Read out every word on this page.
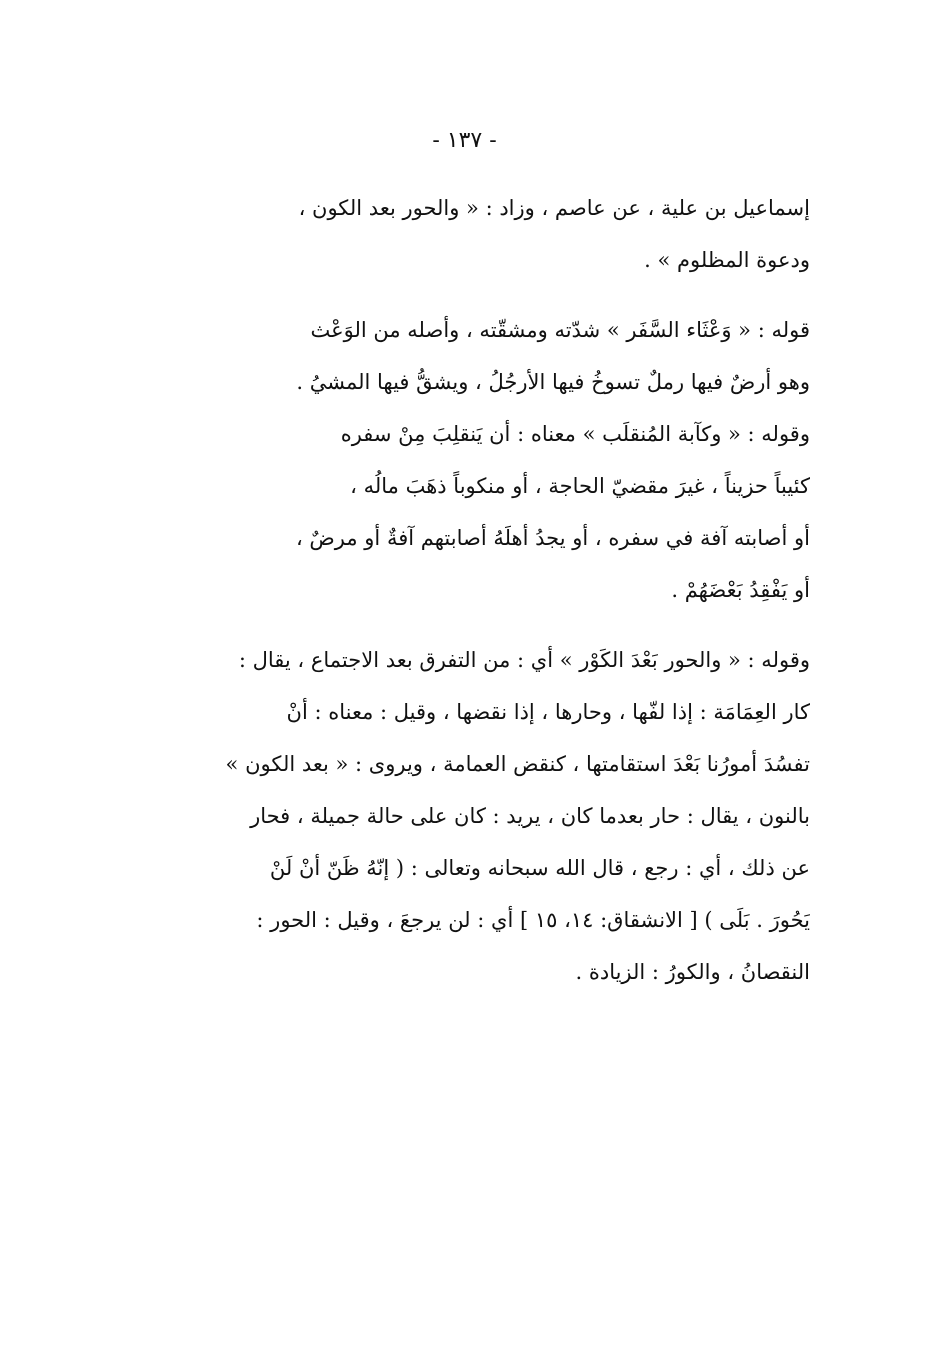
- ١٣٧ -
إسماعيل بن علية ، عن عاصم ، وزاد : « والحور بعد الكون ،
ودعوة المظلوم » .
قوله : « وَعْثَاء السَّفَر » شدّته ومشقّته ، وأصله من الوَعْث
وهو أرضٌ فيها رملٌ تسوخُ فيها الأرجُلُ ، ويشقُّ فيها المشيُ .
وقوله : « وكآبة المُنقلَب » معناه : أن يَنقلِبَ مِنْ سفره
كئيباً حزيناً ، غيرَ مقضيّ الحاجة ، أو منكوباً ذهَبَ مالُه ،
أو أصابته آفة في سفره ، أو يجدُ أهلَهُ أصابتهم آفةٌ أو مرضٌ ،
أو يَفْقِدُ بَعْضَهُمْ .
وقوله : « والحور بَعْدَ الكَوْر » أي : من التفرق بعد الاجتماع ، يقال :
كار العِمَامَة : إذا لفّها ، وحارها ، إذا نقضها ، وقيل : معناه : أنْ
تفسُدَ أمورُنا بَعْدَ استقامتها ، كنقض العمامة ، ويروى : « بعد الكون »
بالنون ، يقال : حار بعدما كان ، يريد : كان على حالة جميلة ، فحار
عن ذلك ، أي : رجع ، قال الله سبحانه وتعالى : ( إنّهُ ظَنّ أنْ لَنْ
يَحُورَ . بَلَى ) [ الانشقاق: ١٤، ١٥ ] أي : لن يرجعَ ، وقيل : الحور :
النقصانُ ، والكورُ : الزيادة .
